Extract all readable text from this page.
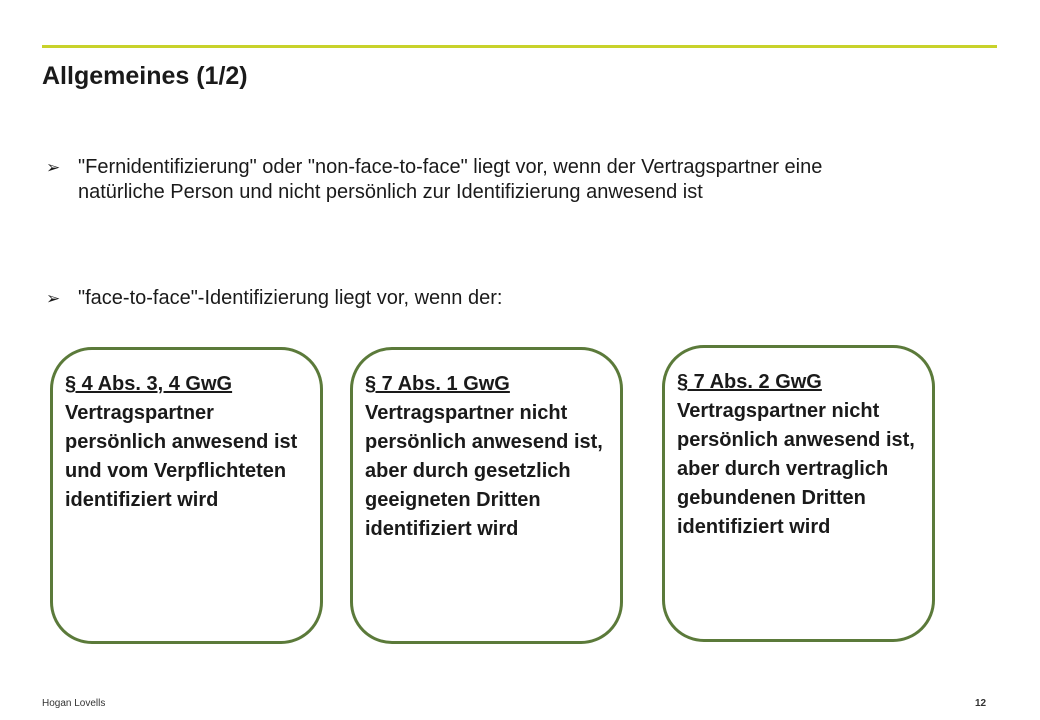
Allgemeines (1/2)
➢ "Fernidentifizierung" oder "non-face-to-face" liegt vor, wenn der Vertragspartner eine natürliche Person und nicht persönlich zur Identifizierung anwesend ist
➢ "face-to-face"-Identifizierung liegt vor, wenn der:
§ 4 Abs. 3, 4 GwG
Vertragspartner persönlich anwesend ist und vom Verpflichteten identifiziert wird
§ 7 Abs. 1 GwG
Vertragspartner nicht persönlich anwesend ist, aber durch gesetzlich geeigneten Dritten identifiziert wird
§ 7 Abs. 2 GwG
Vertragspartner nicht persönlich anwesend ist, aber durch vertraglich gebundenen Dritten identifiziert wird
Hogan Lovells	12
